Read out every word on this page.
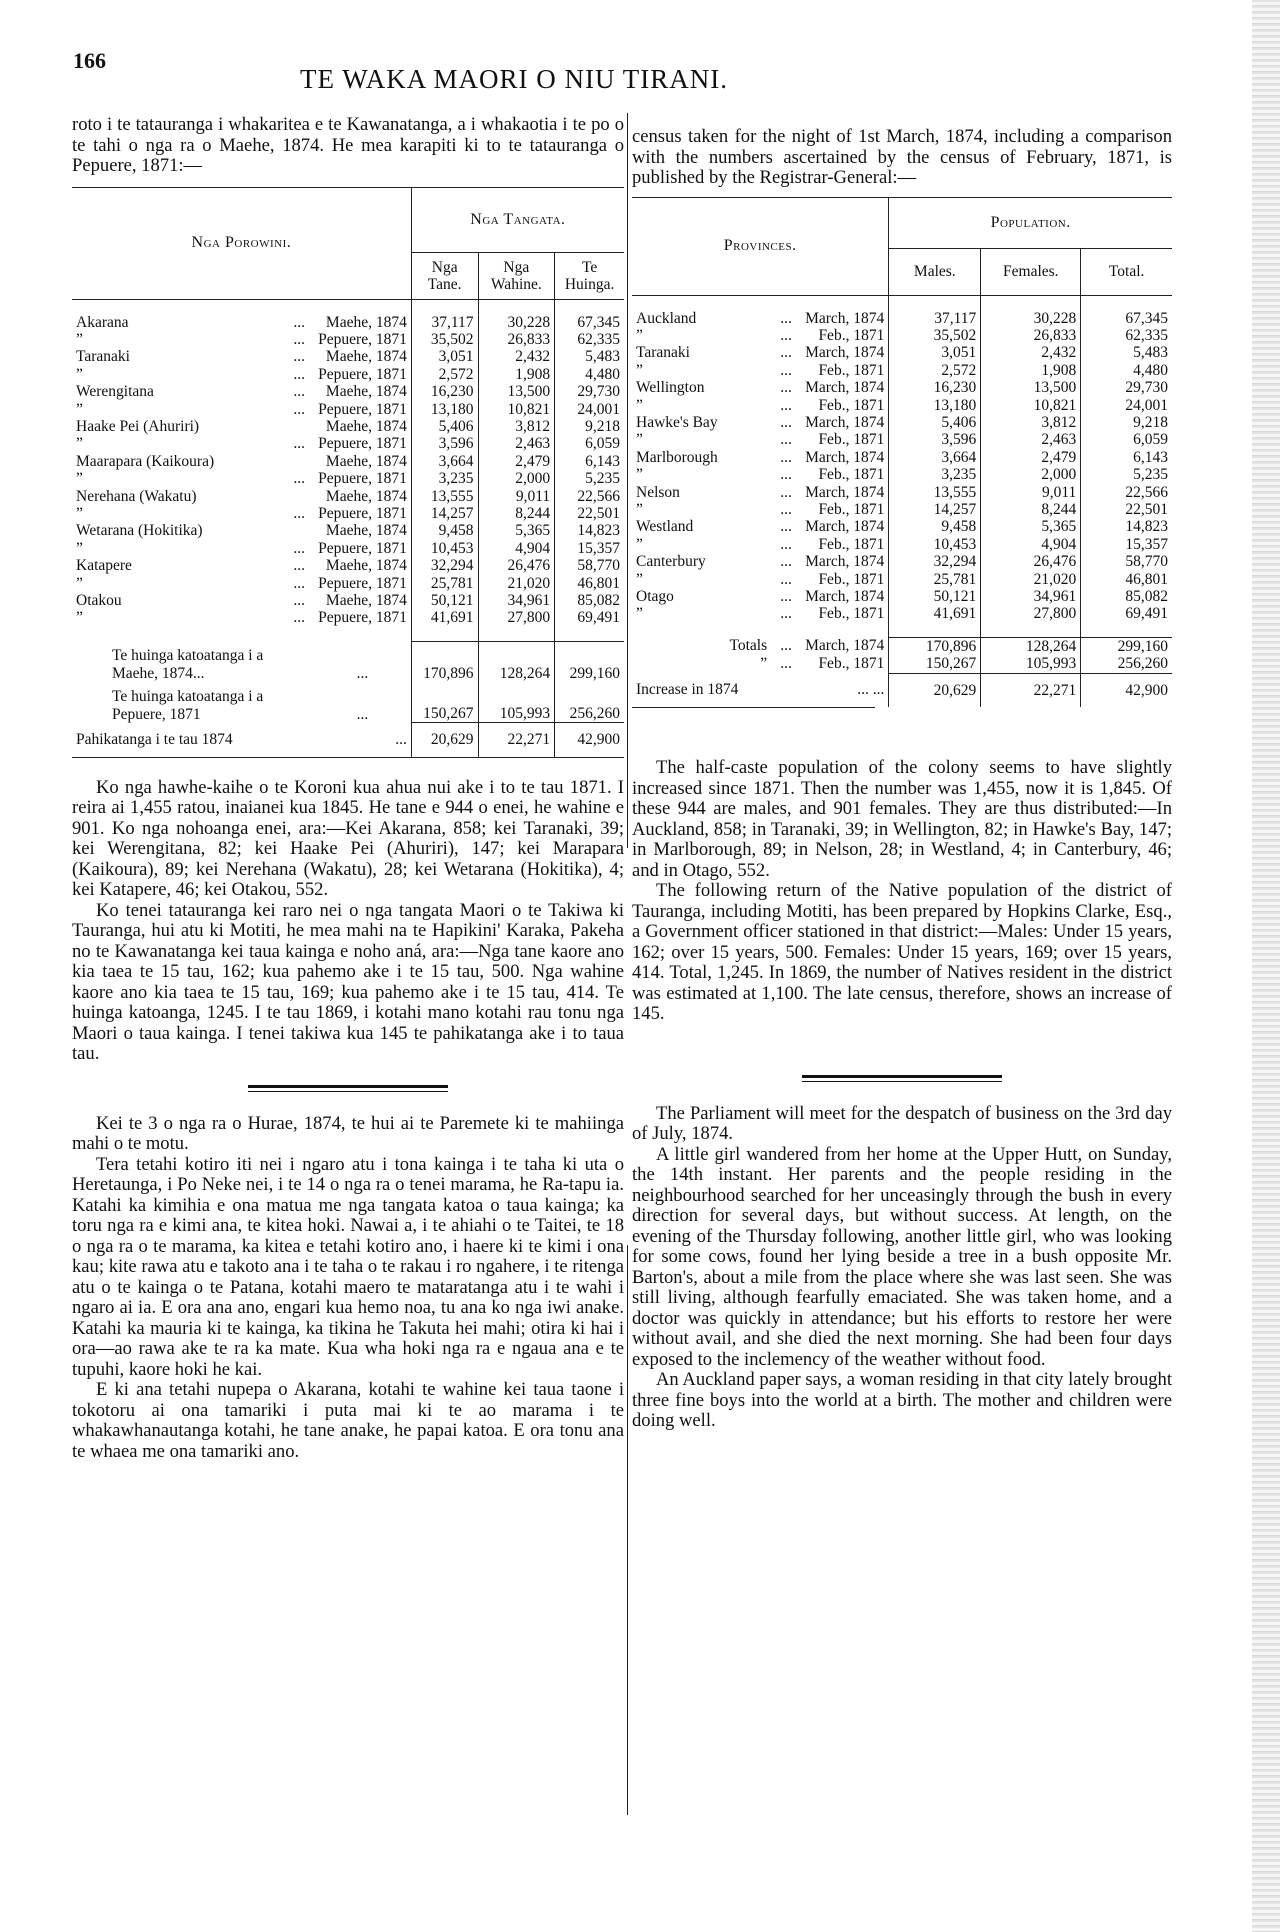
166
TE WAKA MAORI O NIU TIRANI.

roto i te tatauranga i whakaritea e te Kawanatanga, a i whakaotia i te po o te tahi o nga ra o Maehe, 1874. He mea karapiti ki to te tatauranga o Pepuere, 1871:—

Nga Porowini.			Nga Tangata.		
			Nga Tane.	Nga Wahine.	Te Huinga.

Akarana	...	Maehe, 1874	37,117	30,228	67,345
”	...	Pepuere, 1871	35,502	26,833	62,335
Taranaki	...	Maehe, 1874	3,051	2,432	5,483
”	...	Pepuere, 1871	2,572	1,908	4,480
Werengitana	...	Maehe, 1874	16,230	13,500	29,730
”	...	Pepuere, 1871	13,180	10,821	24,001
Haake Pei (Ahuriri)		Maehe, 1874	5,406	3,812	9,218
”	...	Pepuere, 1871	3,596	2,463	6,059
Maarapara (Kaikoura)		Maehe, 1874	3,664	2,479	6,143
”	...	Pepuere, 1871	3,235	2,000	5,235
Nerehana (Wakatu)		Maehe, 1874	13,555	9,011	22,566
”	...	Pepuere, 1871	14,257	8,244	22,501
Wetarana (Hokitika)		Maehe, 1874	9,458	5,365	14,823
”	...	Pepuere, 1871	10,453	4,904	15,357
Katapere	...	Maehe, 1874	32,294	26,476	58,770
”	...	Pepuere, 1871	25,781	21,020	46,801
Otakou	...	Maehe, 1874	50,121	34,961	85,082
”	...	Pepuere, 1871	41,691	27,800	69,491

Te huinga katoatanga i a Maehe, 1874...		...	170,896	128,264	299,160
Te huinga katoatanga i a Pepuere, 1871		...	150,267	105,993	256,260
Pahikatanga i te tau 1874		...	20,629	22,271	42,900

Ko nga hawhe-kaihe o te Koroni kua ahua nui ake i to te tau 1871. I reira ai 1,455 ratou, inaianei kua 1845. He tane e 944 o enei, he wahine e 901. Ko nga nohoanga enei, ara:—Kei Akarana, 858; kei Taranaki, 39; kei Werengitana, 82; kei Haake Pei (Ahuriri), 147; kei Marapara (Kaikoura), 89; kei Nerehana (Wakatu), 28; kei Wetarana (Hokitika), 4; kei Katapere, 46; kei Otakou, 552.

Ko tenei tatauranga kei raro nei o nga tangata Maori o te Takiwa ki Tauranga, hui atu ki Motiti, he mea mahi na te Hapikini' Karaka, Pakeha no te Kawanatanga kei taua kainga e noho aná, ara:—Nga tane kaore ano kia taea te 15 tau, 162; kua pahemo ake i te 15 tau, 500. Nga wahine kaore ano kia taea te 15 tau, 169; kua pahemo ake i te 15 tau, 414. Te huinga katoanga, 1245. I te tau 1869, i kotahi mano kotahi rau tonu nga Maori o taua kainga. I tenei takiwa kua 145 te pahikatanga ake i to taua tau.

Kei te 3 o nga ra o Hurae, 1874, te hui ai te Paremete ki te mahiinga mahi o te motu.

Tera tetahi kotiro iti nei i ngaro atu i tona kainga i te taha ki uta o Heretaunga, i Po Neke nei, i te 14 o nga ra o tenei marama, he Ra-tapu ia. Katahi ka kimihia e ona matua me nga tangata katoa o taua kainga; ka toru nga ra e kimi ana, te kitea hoki. Nawai a, i te ahiahi o te Taitei, te 18 o nga ra o te marama, ka kitea e tetahi kotiro ano, i haere ki te kimi i ona kau; kite rawa atu e takoto ana i te taha o te rakau i ro ngahere, i te ritenga atu o te kainga o te Patana, kotahi maero te mataratanga atu i te wahi i ngaro ai ia. E ora ana ano, engari kua hemo noa, tu ana ko nga iwi anake. Katahi ka mauria ki te kainga, ka tikina he Takuta hei mahi; otira ki hai i ora—ao rawa ake te ra ka mate. Kua wha hoki nga ra e ngaua ana e te tupuhi, kaore hoki he kai.

E ki ana tetahi nupepa o Akarana, kotahi te wahine kei taua taone i tokotoru ai ona tamariki i puta mai ki te ao marama i te whakawhanautanga kotahi, he tane anake, he papai katoa. E ora tonu ana te whaea me ona tamariki ano.

census taken for the night of 1st March, 1874, including a comparison with the numbers ascertained by the census of February, 1871, is published by the Registrar-General:—

Provinces.			Population.		
			Males.	Females.	Total.

Auckland	...	March, 1874	37,117	30,228	67,345
”	...	Feb., 1871	35,502	26,833	62,335
Taranaki	...	March, 1874	3,051	2,432	5,483
”	...	Feb., 1871	2,572	1,908	4,480
Wellington	...	March, 1874	16,230	13,500	29,730
”	...	Feb., 1871	13,180	10,821	24,001
Hawke's Bay	...	March, 1874	5,406	3,812	9,218
”	...	Feb., 1871	3,596	2,463	6,059
Marlborough	...	March, 1874	3,664	2,479	6,143
”	...	Feb., 1871	3,235	2,000	5,235
Nelson	...	March, 1874	13,555	9,011	22,566
”	...	Feb., 1871	14,257	8,244	22,501
Westland	...	March, 1874	9,458	5,365	14,823
”	...	Feb., 1871	10,453	4,904	15,357
Canterbury	...	March, 1874	32,294	26,476	58,770
”	...	Feb., 1871	25,781	21,020	46,801
Otago	...	March, 1874	50,121	34,961	85,082
”	...	Feb., 1871	41,691	27,800	69,491

Totals	...	March, 1874	170,896	128,264	299,160
”	...	Feb., 1871	150,267	105,993	256,260
Increase in 1874		... ...	20,629	22,271	42,900

The half-caste population of the colony seems to have slightly increased since 1871. Then the number was 1,455, now it is 1,845. Of these 944 are males, and 901 females. They are thus distributed:—In Auckland, 858; in Taranaki, 39; in Wellington, 82; in Hawke's Bay, 147; in Marlborough, 89; in Nelson, 28; in Westland, 4; in Canterbury, 46; and in Otago, 552.

The following return of the Native population of the district of Tauranga, including Motiti, has been prepared by Hopkins Clarke, Esq., a Government officer stationed in that district:—Males: Under 15 years, 162; over 15 years, 500. Females: Under 15 years, 169; over 15 years, 414. Total, 1,245. In 1869, the number of Natives resident in the district was estimated at 1,100. The late census, therefore, shows an increase of 145.

The Parliament will meet for the despatch of business on the 3rd day of July, 1874.

A little girl wandered from her home at the Upper Hutt, on Sunday, the 14th instant. Her parents and the people residing in the neighbourhood searched for her unceasingly through the bush in every direction for several days, but without success. At length, on the evening of the Thursday following, another little girl, who was looking for some cows, found her lying beside a tree in a bush opposite Mr. Barton's, about a mile from the place where she was last seen. She was still living, although fearfully emaciated. She was taken home, and a doctor was quickly in attendance; but his efforts to restore her were without avail, and she died the next morning. She had been four days exposed to the inclemency of the weather without food.

An Auckland paper says, a woman residing in that city lately brought three fine boys into the world at a birth. The mother and children were doing well.
